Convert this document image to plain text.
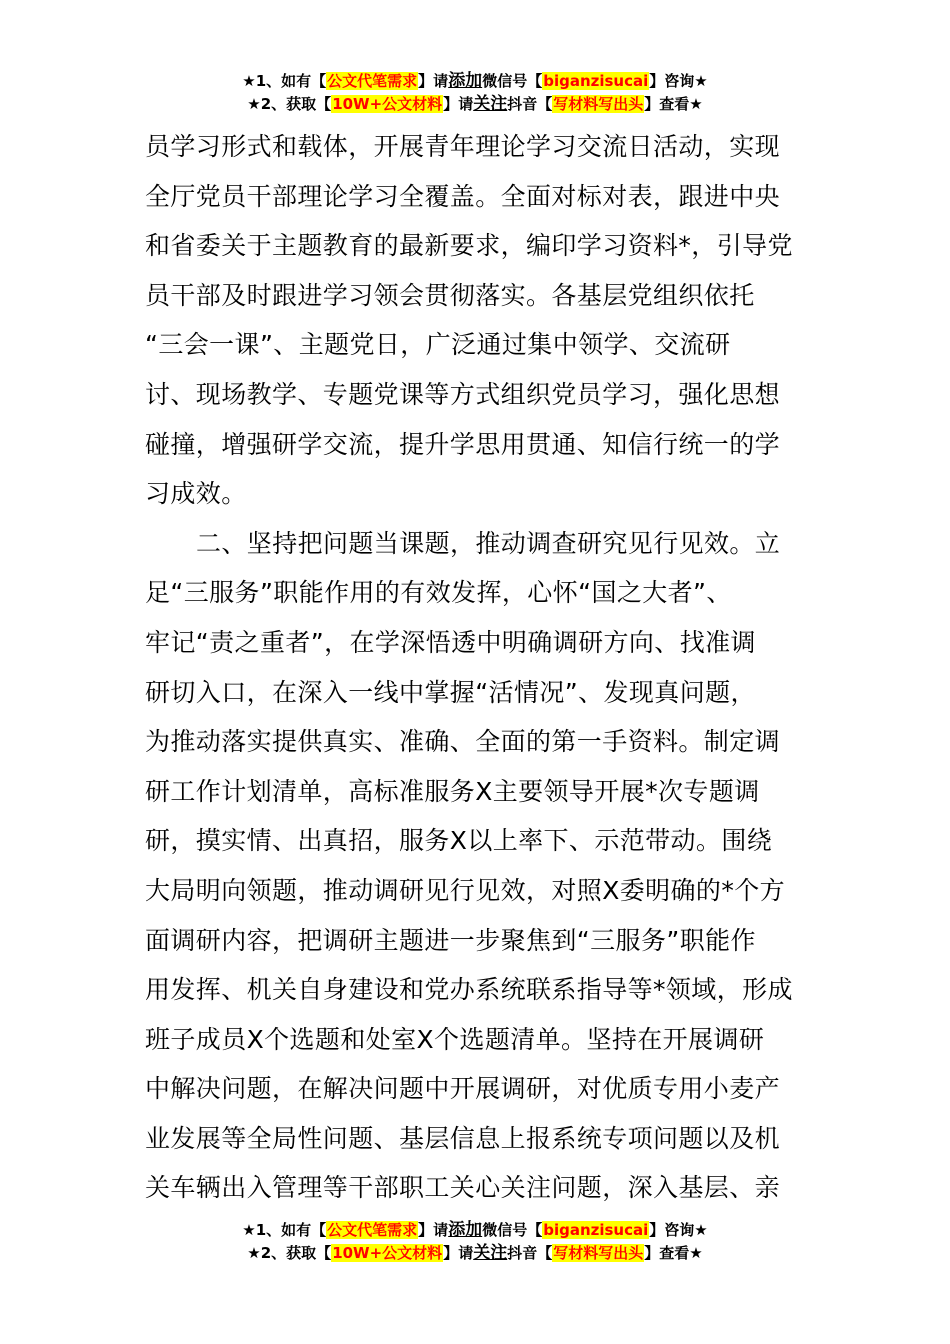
★1、如有【公文代笔需求】请添加微信号【biganzisucai】咨询★
★2、获取【10W+公文材料】请关注抖音【写材料写出头】查看★
员学习形式和载体，开展青年理论学习交流日活动，实现
全厅党员干部理论学习全覆盖。全面对标对表，跟进中央
和省委关于主题教育的最新要求，编印学习资料*，引导党
员干部及时跟进学习领会贯彻落实。各基层党组织依托
“三会一课”、主题党日，广泛通过集中领学、交流研
讨、现场教学、专题党课等方式组织党员学习，强化思想
碰撞，增强研学交流，提升学思用贯通、知信行统一的学
习成效。
二、坚持把问题当课题，推动调查研究见行见效。立
足“三服务”职能作用的有效发挥，心怀“国之大者”、
牢记“责之重者”，在学深悟透中明确调研方向、找准调
研切入口，在深入一线中掌握“活情况”、发现真问题，
为推动落实提供真实、准确、全面的第一手资料。制定调
研工作计划清单，高标准服务X主要领导开展*次专题调
研，摸实情、出真招，服务X以上率下、示范带动。围绕
大局明向领题，推动调研见行见效，对照X委明确的*个方
面调研内容，把调研主题进一步聚焦到“三服务”职能作
用发挥、机关自身建设和党办系统联系指导等*领域，形成
班子成员X个选题和处室X个选题清单。坚持在开展调研
中解决问题，在解决问题中开展调研，对优质专用小麦产
业发展等全局性问题、基层信息上报系统专项问题以及机
关车辆出入管理等干部职工关心关注问题，深入基层、亲
★1、如有【公文代笔需求】请添加微信号【biganzisucai】咨询★
★2、获取【10W+公文材料】请关注抖音【写材料写出头】查看★
